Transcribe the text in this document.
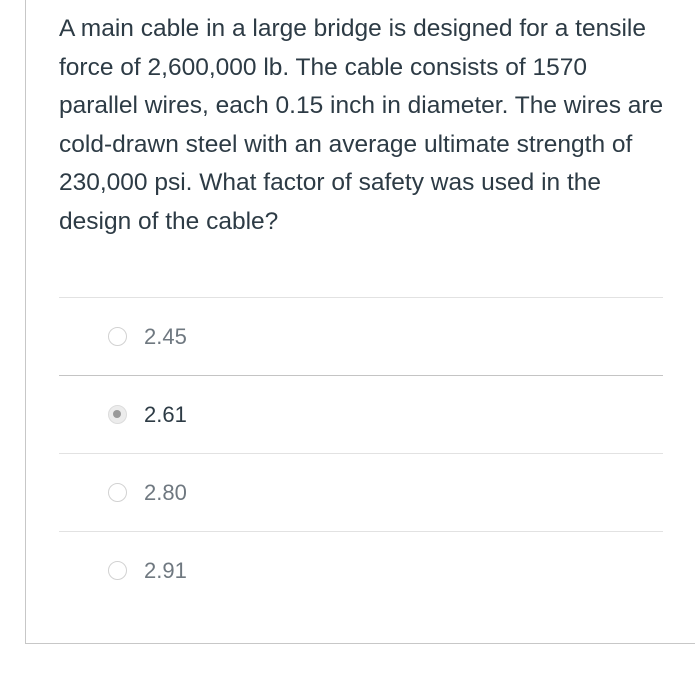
A main cable in a large bridge is designed for a tensile force of 2,600,000 lb. The cable consists of 1570 parallel wires, each 0.15 inch in diameter. The wires are cold-drawn steel with an average ultimate strength of 230,000 psi. What factor of safety was used in the design of the cable?

2.45
2.61
2.80
2.91
